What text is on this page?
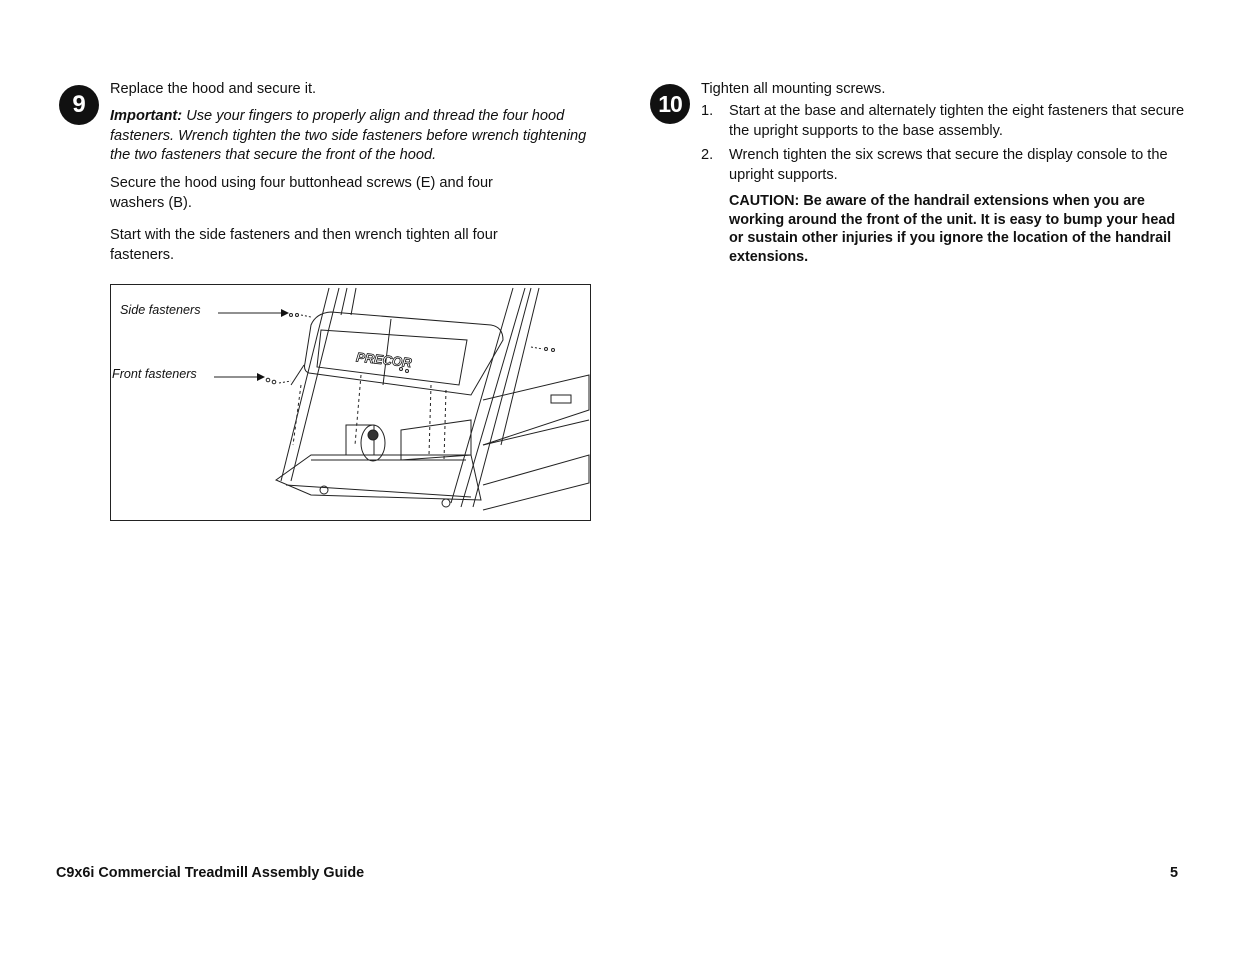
9

Replace the hood and secure it.

Important: Use your fingers to properly align and thread the four hood fasteners. Wrench tighten the two side fasteners before wrench tightening the two fasteners that secure the front of the hood.

Secure the hood using four buttonhead screws (E) and four washers (B).

Start with the side fasteners and then wrench tighten all four fasteners.

PRECOR
Side fasteners
Front fasteners
10

Tighten all mounting screws.

1. Start at the base and alternately tighten the eight fasteners that secure the upright supports to the base assembly.

2. Wrench tighten the six screws that secure the display console to the upright supports.

CAUTION: Be aware of the handrail extensions when you are working around the front of the unit. It is easy to bump your head or sustain other injuries if you ignore the location of the handrail extensions.

C9x6i Commercial Treadmill Assembly Guide	5
